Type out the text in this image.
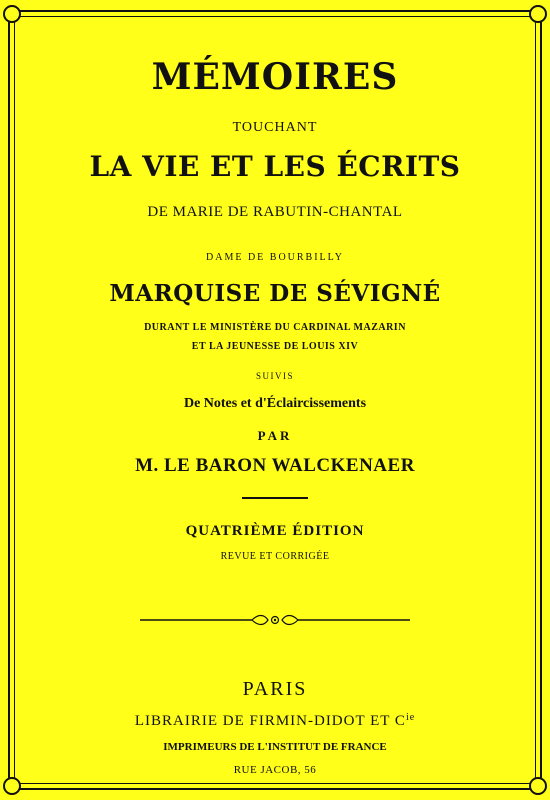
MÉMOIRES
TOUCHANT
LA VIE ET LES ÉCRITS
DE MARIE DE RABUTIN-CHANTAL
DAME DE BOURBILLY
MARQUISE DE SÉVIGNÉ
DURANT LE MINISTÈRE DU CARDINAL MAZARIN
ET LA JEUNESSE DE LOUIS XIV
SUIVIS
De Notes et d'Éclaircissements
PAR
M. LE BARON WALCKENAER
QUATRIÈME ÉDITION
REVUE ET CORRIGÉE
PARIS
LIBRAIRIE DE FIRMIN-DIDOT ET $C^{ie}$
IMPRIMEURS DE L'INSTITUT DE FRANCE
RUE JACOB, 56
